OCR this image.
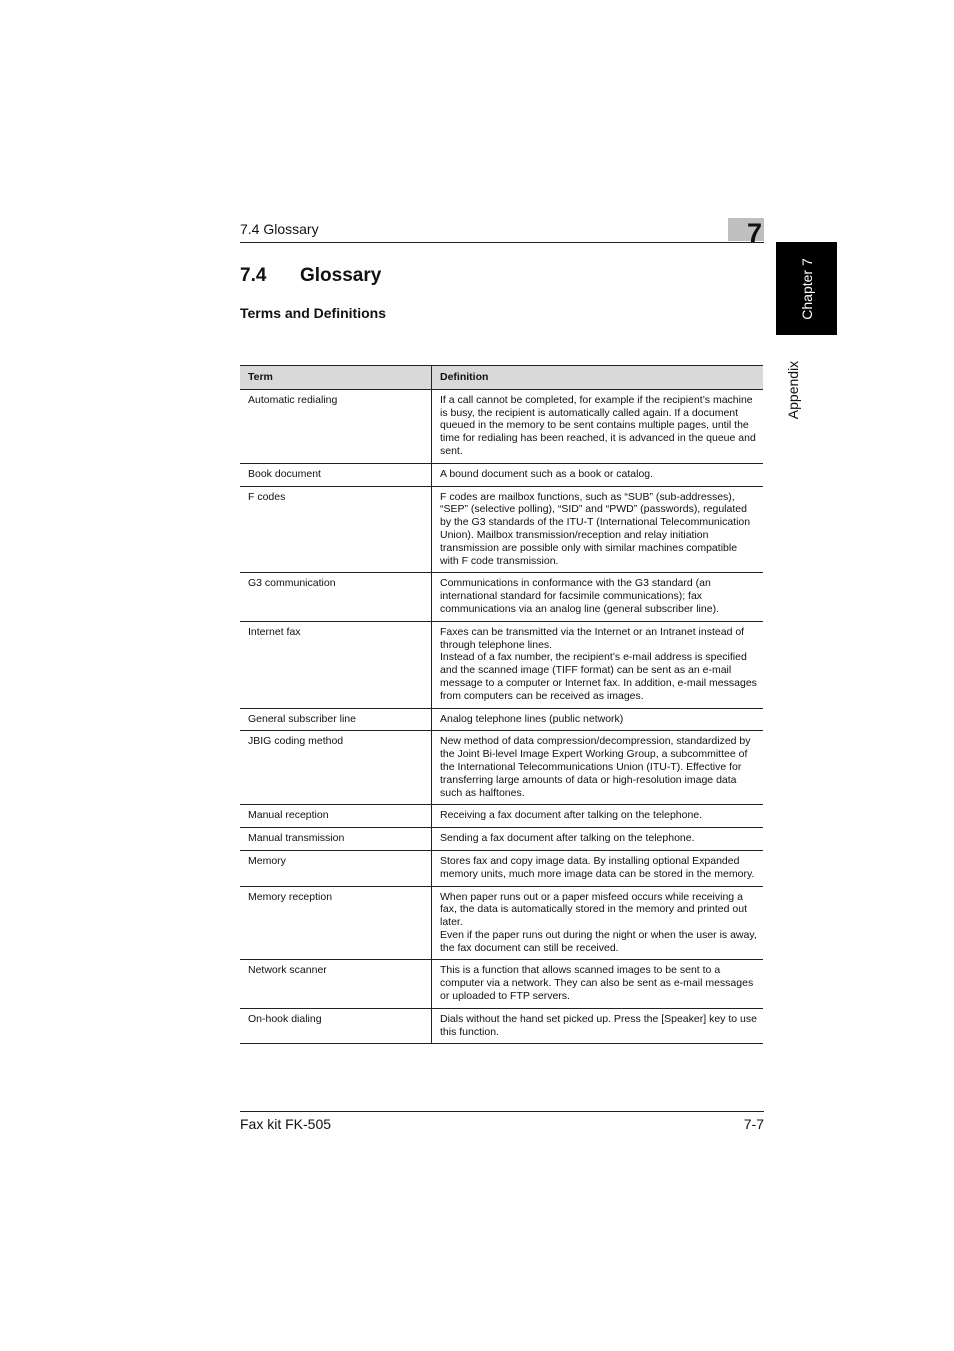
7.4 Glossary	7
Chapter 7
Appendix
7.4 Glossary
Terms and Definitions
Term	Definition
Automatic redialing	If a call cannot be completed, for example if the recipient’s machine is busy, the recipient is automatically called again. If a document queued in the memory to be sent contains multiple pages, until the time for redialing has been reached, it is advanced in the queue and sent.
Book document	A bound document such as a book or catalog.
F codes	F codes are mailbox functions, such as “SUB” (sub-addresses), “SEP” (selective polling), “SID” and “PWD” (passwords), regulated by the G3 standards of the ITU-T (International Telecommunication Union). Mailbox transmission/reception and relay initiation transmission are possible only with similar machines compatible with F code transmission.
G3 communication	Communications in conformance with the G3 standard (an international standard for facsimile communications); fax communications via an analog line (general subscriber line).
Internet fax	Faxes can be transmitted via the Internet or an Intranet instead of through telephone lines.
Instead of a fax number, the recipient’s e-mail address is specified and the scanned image (TIFF format) can be sent as an e-mail message to a computer or Internet fax. In addition, e-mail messages from computers can be received as images.
General subscriber line	Analog telephone lines (public network)
JBIG coding method	New method of data compression/decompression, standardized by the Joint Bi-level Image Expert Working Group, a subcommittee of the International Telecommunications Union (ITU-T). Effective for transferring large amounts of data or high-resolution image data such as halftones.
Manual reception	Receiving a fax document after talking on the telephone.
Manual transmission	Sending a fax document after talking on the telephone.
Memory	Stores fax and copy image data. By installing optional Expanded memory units, much more image data can be stored in the memory.
Memory reception	When paper runs out or a paper misfeed occurs while receiving a fax, the data is automatically stored in the memory and printed out later.
Even if the paper runs out during the night or when the user is away, the fax document can still be received.
Network scanner	This is a function that allows scanned images to be sent to a computer via a network. They can also be sent as e-mail messages or uploaded to FTP servers.
On-hook dialing	Dials without the hand set picked up. Press the [Speaker] key to use this function.
Fax kit FK-505	7-7
